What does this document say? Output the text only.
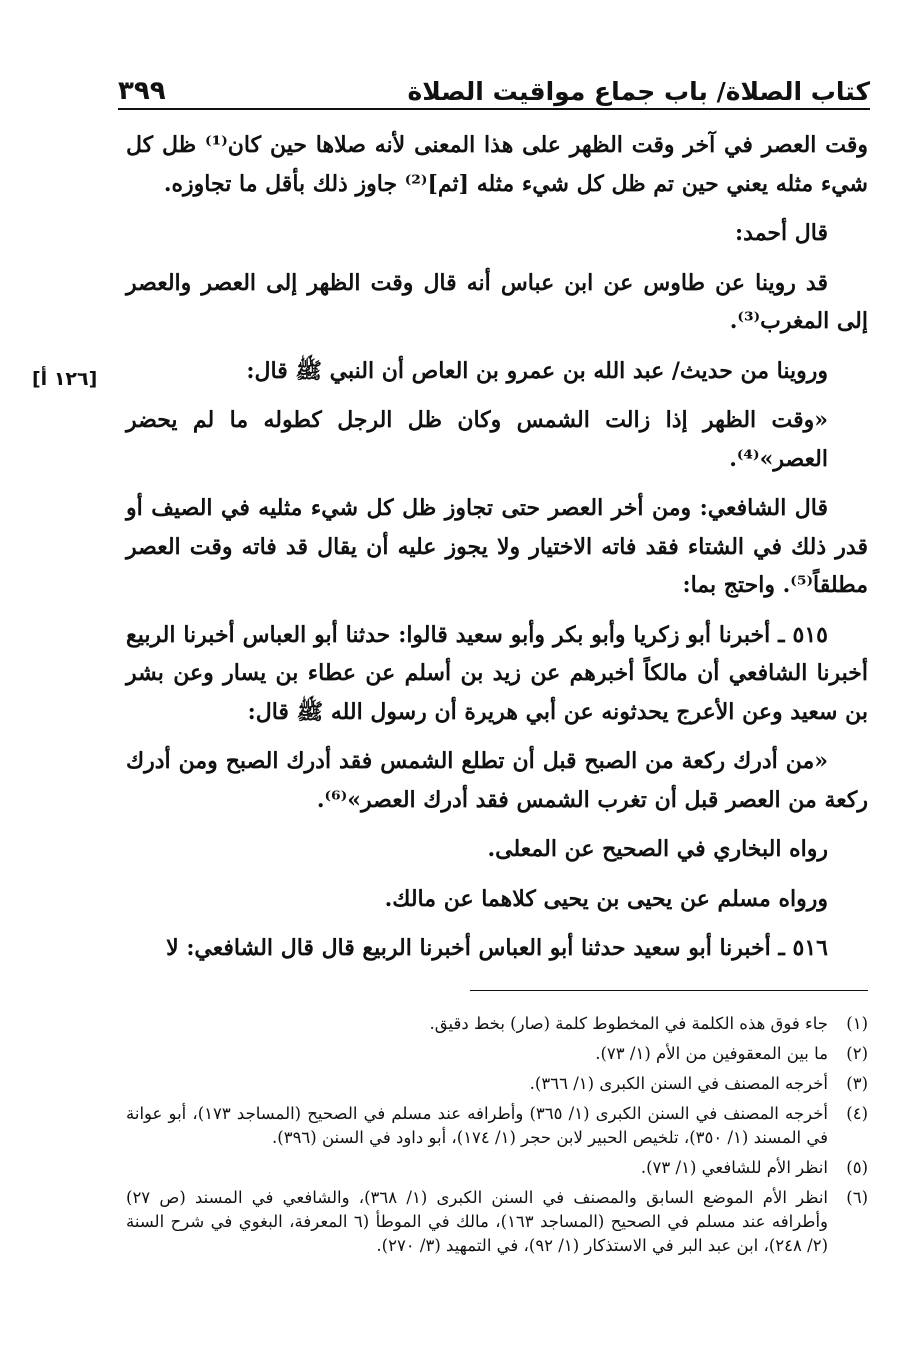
كتاب الصلاة/ باب جماع مواقيت الصلاة
٣٩٩
[١٢٦ أ]

وقت العصر في آخر وقت الظهر على هذا المعنى لأنه صلاها حين كان⁽¹⁾ ظل كل شيء مثله يعني حين تم ظل كل شيء مثله [ثم]⁽²⁾ جاوز ذلك بأقل ما تجاوزه.

قال أحمد:

قد روينا عن طاوس عن ابن عباس أنه قال وقت الظهر إلى العصر والعصر إلى المغرب⁽³⁾.

وروينا من حديث/ عبد الله بن عمرو بن العاص أن النبي ﷺ قال:

«وقت الظهر إذا زالت الشمس وكان ظل الرجل كطوله ما لم يحضر العصر»⁽⁴⁾.

قال الشافعي: ومن أخر العصر حتى تجاوز ظل كل شيء مثليه في الصيف أو قدر ذلك في الشتاء فقد فاته الاختيار ولا يجوز عليه أن يقال قد فاته وقت العصر مطلقاً⁽⁵⁾. واحتج بما:

٥١٥ ـ أخبرنا أبو زكريا وأبو بكر وأبو سعيد قالوا: حدثنا أبو العباس أخبرنا الربيع أخبرنا الشافعي أن مالكاً أخبرهم عن زيد بن أسلم عن عطاء بن يسار وعن بشر بن سعيد وعن الأعرج يحدثونه عن أبي هريرة أن رسول الله ﷺ قال:

«من أدرك ركعة من الصبح قبل أن تطلع الشمس فقد أدرك الصبح ومن أدرك ركعة من العصر قبل أن تغرب الشمس فقد أدرك العصر»⁽⁶⁾.

رواه البخاري في الصحيح عن المعلى.

ورواه مسلم عن يحيى بن يحيى كلاهما عن مالك.

٥١٦ ـ أخبرنا أبو سعيد حدثنا أبو العباس أخبرنا الربيع قال قال الشافعي: لا

(١)
جاء فوق هذه الكلمة في المخطوط كلمة (صار) بخط دقيق.
(٢)
ما بين المعقوفين من الأم (١/ ٧٣).
(٣)
أخرجه المصنف في السنن الكبرى (١/ ٣٦٦).
(٤)
أخرجه المصنف في السنن الكبرى (١/ ٣٦٥) وأطرافه عند مسلم في الصحيح (المساجد ١٧٣)، أبو عوانة في المسند (١/ ٣٥٠)، تلخيص الحبير لابن حجر (١/ ١٧٤)، أبو داود في السنن (٣٩٦).
(٥)
انظر الأم للشافعي (١/ ٧٣).
(٦)
انظر الأم الموضع السابق والمصنف في السنن الكبرى (١/ ٣٦٨)، والشافعي في المسند (ص ٢٧) وأطرافه عند مسلم في الصحيح (المساجد ١٦٣)، مالك في الموطأ (٦ المعرفة، البغوي في شرح السنة (٢/ ٢٤٨)، ابن عبد البر في الاستذكار (١/ ٩٢)، في التمهيد (٣/ ٢٧٠).
